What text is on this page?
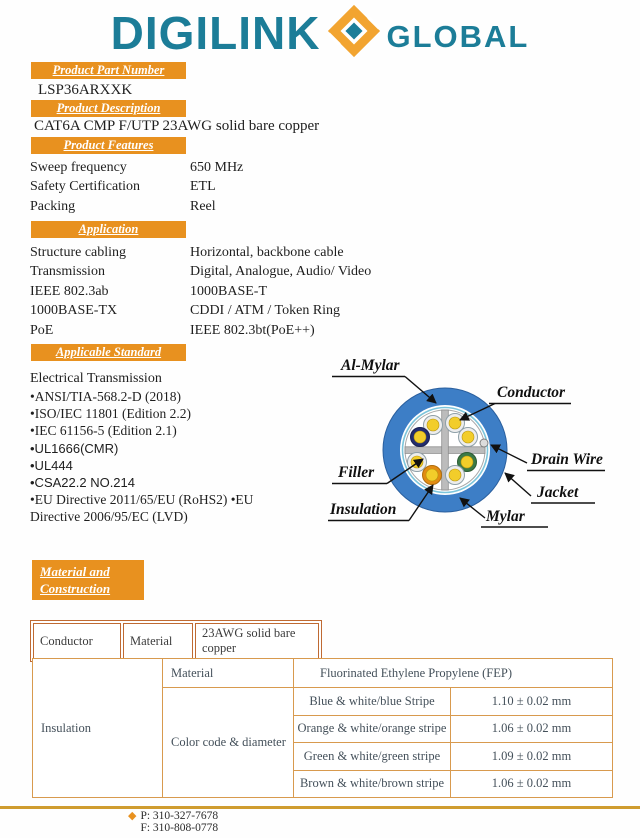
DIGILINK GLOBAL
Product Part Number
LSP36ARXXK
Product Description
CAT6A CMP F/UTP 23AWG solid bare copper
Product Features
Sweep frequency	650 MHz
Safety Certification	ETL
Packing	Reel
Application
Structure cabling	Horizontal, backbone cable
Transmission	Digital, Analogue, Audio/ Video
IEEE 802.3ab	1000BASE-T
1000BASE-TX	CDDI / ATM / Token Ring
PoE	IEEE 802.3bt(PoE++)
Applicable Standard
Electrical Transmission
•ANSI/TIA-568.2-D (2018)
•ISO/IEC 11801 (Edition 2.2)
•IEC 61156-5 (Edition 2.1)
•UL1666(CMR)
•UL444
•CSA22.2 NO.214
•EU Directive 2011/65/EU (RoHS2) •EU Directive 2006/95/EC (LVD)
Al-Mylar
Conductor
Drain Wire
Jacket
Mylar
Insulation
Filler
Material and
Construction
Conductor	Material	23AWG solid bare copper
Insulation	Material	Fluorinated Ethylene Propylene (FEP)	
	Color code & diameter	Blue & white/blue Stripe	1.10 ± 0.02 mm
		Orange & white/orange stripe	1.06 ± 0.02 mm
		Green & white/green stripe	1.09 ± 0.02 mm
		Brown & white/brown stripe	1.06 ± 0.02 mm
◆ P: 310-327-7678
F: 310-808-0778
